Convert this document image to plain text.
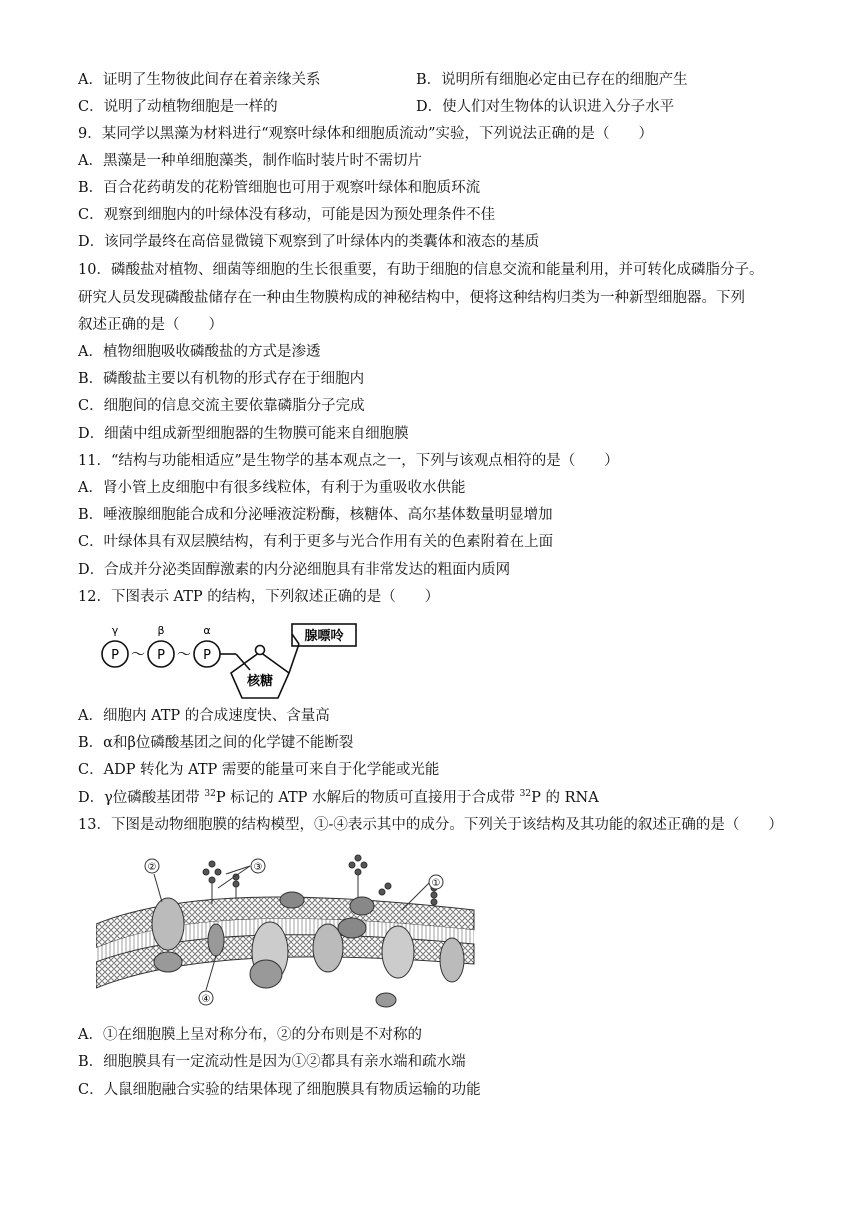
A．证明了生物彼此间存在着亲缘关系	B．说明所有细胞必定由已存在的细胞产生
C．说明了动植物细胞是一样的	D．使人们对生物体的认识进入分子水平
9．某同学以黑藻为材料进行“观察叶绿体和细胞质流动”实验，下列说法正确的是（　　）
A．黑藻是一种单细胞藻类，制作临时装片时不需切片
B．百合花药萌发的花粉管细胞也可用于观察叶绿体和胞质环流
C．观察到细胞内的叶绿体没有移动，可能是因为预处理条件不佳
D．该同学最终在高倍显微镜下观察到了叶绿体内的类囊体和液态的基质
10．磷酸盐对植物、细菌等细胞的生长很重要，有助于细胞的信息交流和能量利用，并可转化成磷脂分子。
研究人员发现磷酸盐储存在一种由生物膜构成的神秘结构中，便将这种结构归类为一种新型细胞器。下列
叙述正确的是（　　）
A．植物细胞吸收磷酸盐的方式是渗透
B．磷酸盐主要以有机物的形式存在于细胞内
C．细胞间的信息交流主要依靠磷脂分子完成
D．细菌中组成新型细胞器的生物膜可能来自细胞膜
11．“结构与功能相适应”是生物学的基本观点之一，下列与该观点相符的是（　　）
A．肾小管上皮细胞中有很多线粒体，有利于为重吸收水供能
B．唾液腺细胞能合成和分泌唾液淀粉酶，核糖体、高尔基体数量明显增加
C．叶绿体具有双层膜结构，有利于更多与光合作用有关的色素附着在上面
D．合成并分泌类固醇激素的内分泌细胞具有非常发达的粗面内质网
12．下图表示 ATP 的结构，下列叙述正确的是（　　）
P	P	P
γ	β	α
～ ～
腺嘌呤
核糖
A．细胞内 ATP 的合成速度快、含量高
B．α和β位磷酸基团之间的化学键不能断裂
C．ADP 转化为 ATP 需要的能量可来自于化学能或光能
D．γ位磷酸基团带 $^{32}$P 标记的 ATP 水解后的物质可直接用于合成带 $^{32}$P 的 RNA
13．下图是动物细胞膜的结构模型，①-④表示其中的成分。下列关于该结构及其功能的叙述正确的是（　　）
②	③
①
④
A．①在细胞膜上呈对称分布，②的分布则是不对称的
B．细胞膜具有一定流动性是因为①②都具有亲水端和疏水端
C．人鼠细胞融合实验的结果体现了细胞膜具有物质运输的功能
